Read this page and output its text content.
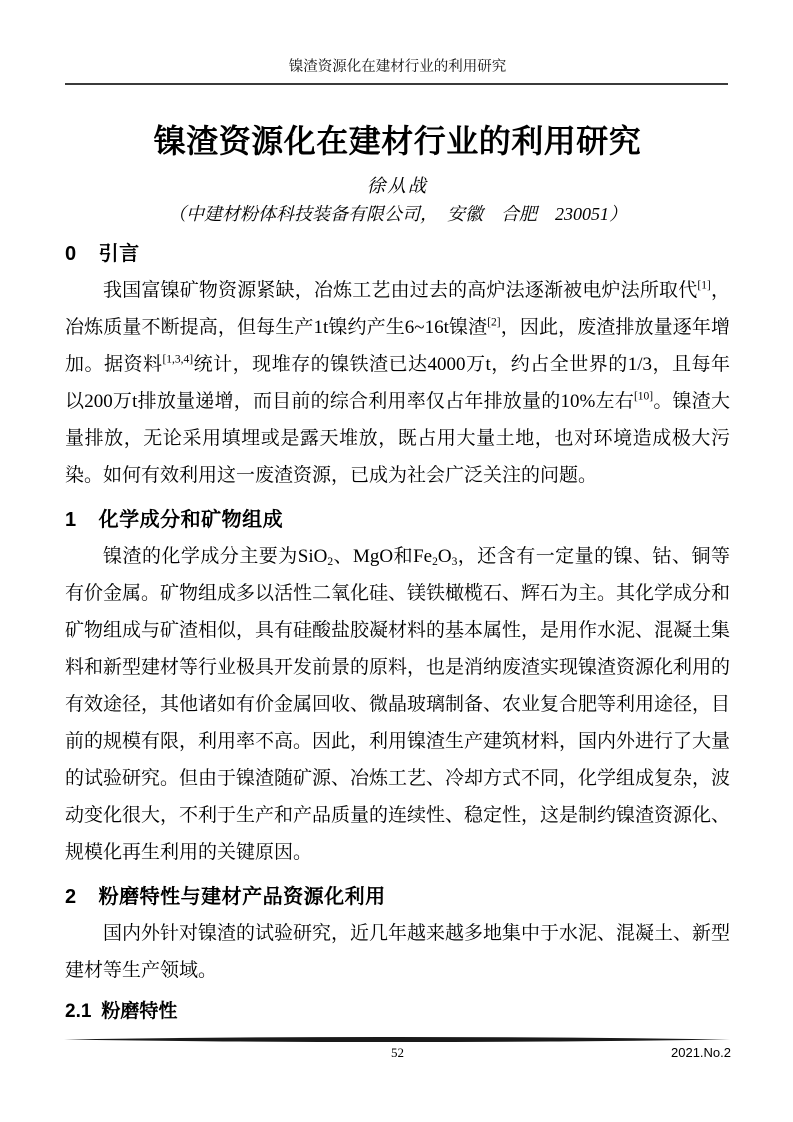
镍渣资源化在建材行业的利用研究
镍渣资源化在建材行业的利用研究
徐从战
（中建材粉体科技装备有限公司，　安徽　合肥　230051）
0 引言

我国富镍矿物资源紧缺，冶炼工艺由过去的高炉法逐渐被电炉法所取代[1]，冶炼质量不断提高，但每生产1t镍约产生6~16t镍渣[2]，因此，废渣排放量逐年增加。据资料[1,3,4]统计，现堆存的镍铁渣已达4000万t，约占全世界的1/3，且每年以200万t排放量递增，而目前的综合利用率仅占年排放量的10%左右[10]。镍渣大量排放，无论采用填埋或是露天堆放，既占用大量土地，也对环境造成极大污染。如何有效利用这一废渣资源，已成为社会广泛关注的问题。

1 化学成分和矿物组成

镍渣的化学成分主要为SiO$_2$、MgO和$Fe_2O_3$，还含有一定量的镍、钴、铜等有价金属。矿物组成多以活性二氧化硅、镁铁橄榄石、辉石为主。其化学成分和矿物组成与矿渣相似，具有硅酸盐胶凝材料的基本属性，是用作水泥、混凝土集料和新型建材等行业极具开发前景的原料，也是消纳废渣实现镍渣资源化利用的有效途径，其他诸如有价金属回收、微晶玻璃制备、农业复合肥等利用途径，目前的规模有限，利用率不高。因此，利用镍渣生产建筑材料，国内外进行了大量的试验研究。但由于镍渣随矿源、冶炼工艺、冷却方式不同，化学组成复杂，波动变化很大，不利于生产和产品质量的连续性、稳定性，这是制约镍渣资源化、规模化再生利用的关键原因。

2 粉磨特性与建材产品资源化利用

国内外针对镍渣的试验研究，近几年越来越多地集中于水泥、混凝土、新型建材等生产领域。

2.1 粉磨特性
52	2021.No.2
